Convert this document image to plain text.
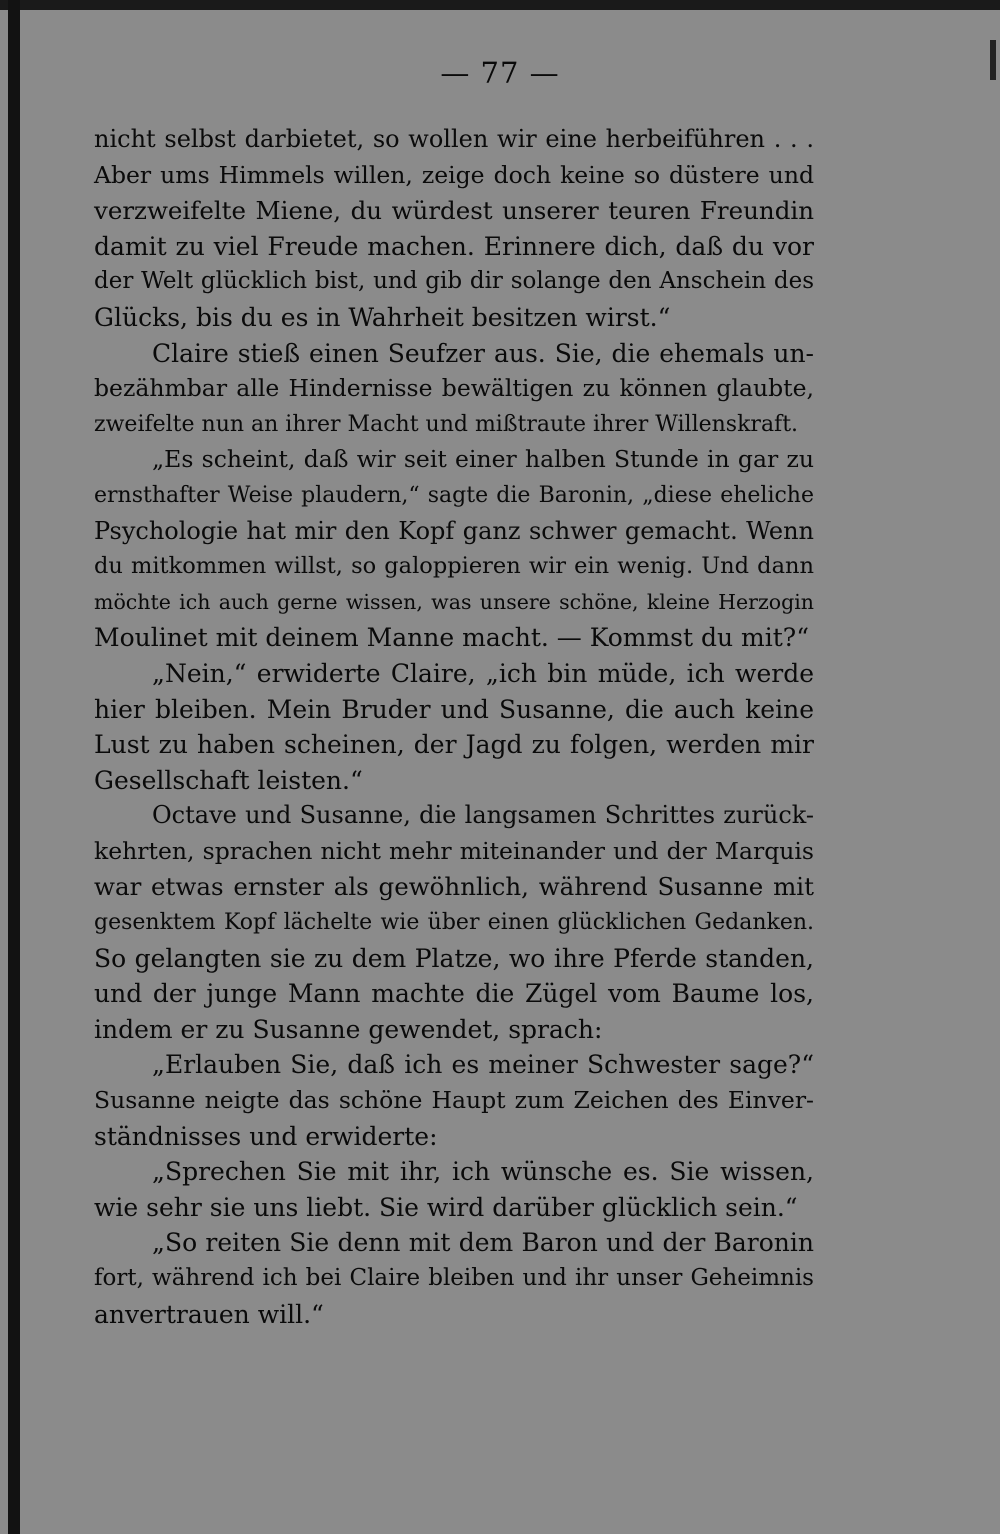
— 77 —
nicht selbst darbietet, so wollen wir eine herbeiführen . . .
Aber ums Himmels willen, zeige doch keine so düstere und
verzweifelte Miene, du würdest unserer teuren Freundin
damit zu viel Freude machen. Erinnere dich, daß du vor
der Welt glücklich bist, und gib dir solange den Anschein des
Glücks, bis du es in Wahrheit besitzen wirst.“
Claire stieß einen Seufzer aus. Sie, die ehemals un-
bezähmbar alle Hindernisse bewältigen zu können glaubte,
zweifelte nun an ihrer Macht und mißtraute ihrer Willenskraft.
„Es scheint, daß wir seit einer halben Stunde in gar zu
ernsthafter Weise plaudern,“ sagte die Baronin, „diese eheliche
Psychologie hat mir den Kopf ganz schwer gemacht. Wenn
du mitkommen willst, so galoppieren wir ein wenig. Und dann
möchte ich auch gerne wissen, was unsere schöne, kleine Herzogin
Moulinet mit deinem Manne macht. — Kommst du mit?“
„Nein,“ erwiderte Claire, „ich bin müde, ich werde
hier bleiben. Mein Bruder und Susanne, die auch keine
Lust zu haben scheinen, der Jagd zu folgen, werden mir
Gesellschaft leisten.“
Octave und Susanne, die langsamen Schrittes zurück-
kehrten, sprachen nicht mehr miteinander und der Marquis
war etwas ernster als gewöhnlich, während Susanne mit
gesenktem Kopf lächelte wie über einen glücklichen Gedanken.
So gelangten sie zu dem Platze, wo ihre Pferde standen,
und der junge Mann machte die Zügel vom Baume los,
indem er zu Susanne gewendet, sprach:
„Erlauben Sie, daß ich es meiner Schwester sage?“
Susanne neigte das schöne Haupt zum Zeichen des Einver-
ständnisses und erwiderte:
„Sprechen Sie mit ihr, ich wünsche es. Sie wissen,
wie sehr sie uns liebt. Sie wird darüber glücklich sein.“
„So reiten Sie denn mit dem Baron und der Baronin
fort, während ich bei Claire bleiben und ihr unser Geheimnis
anvertrauen will.“
